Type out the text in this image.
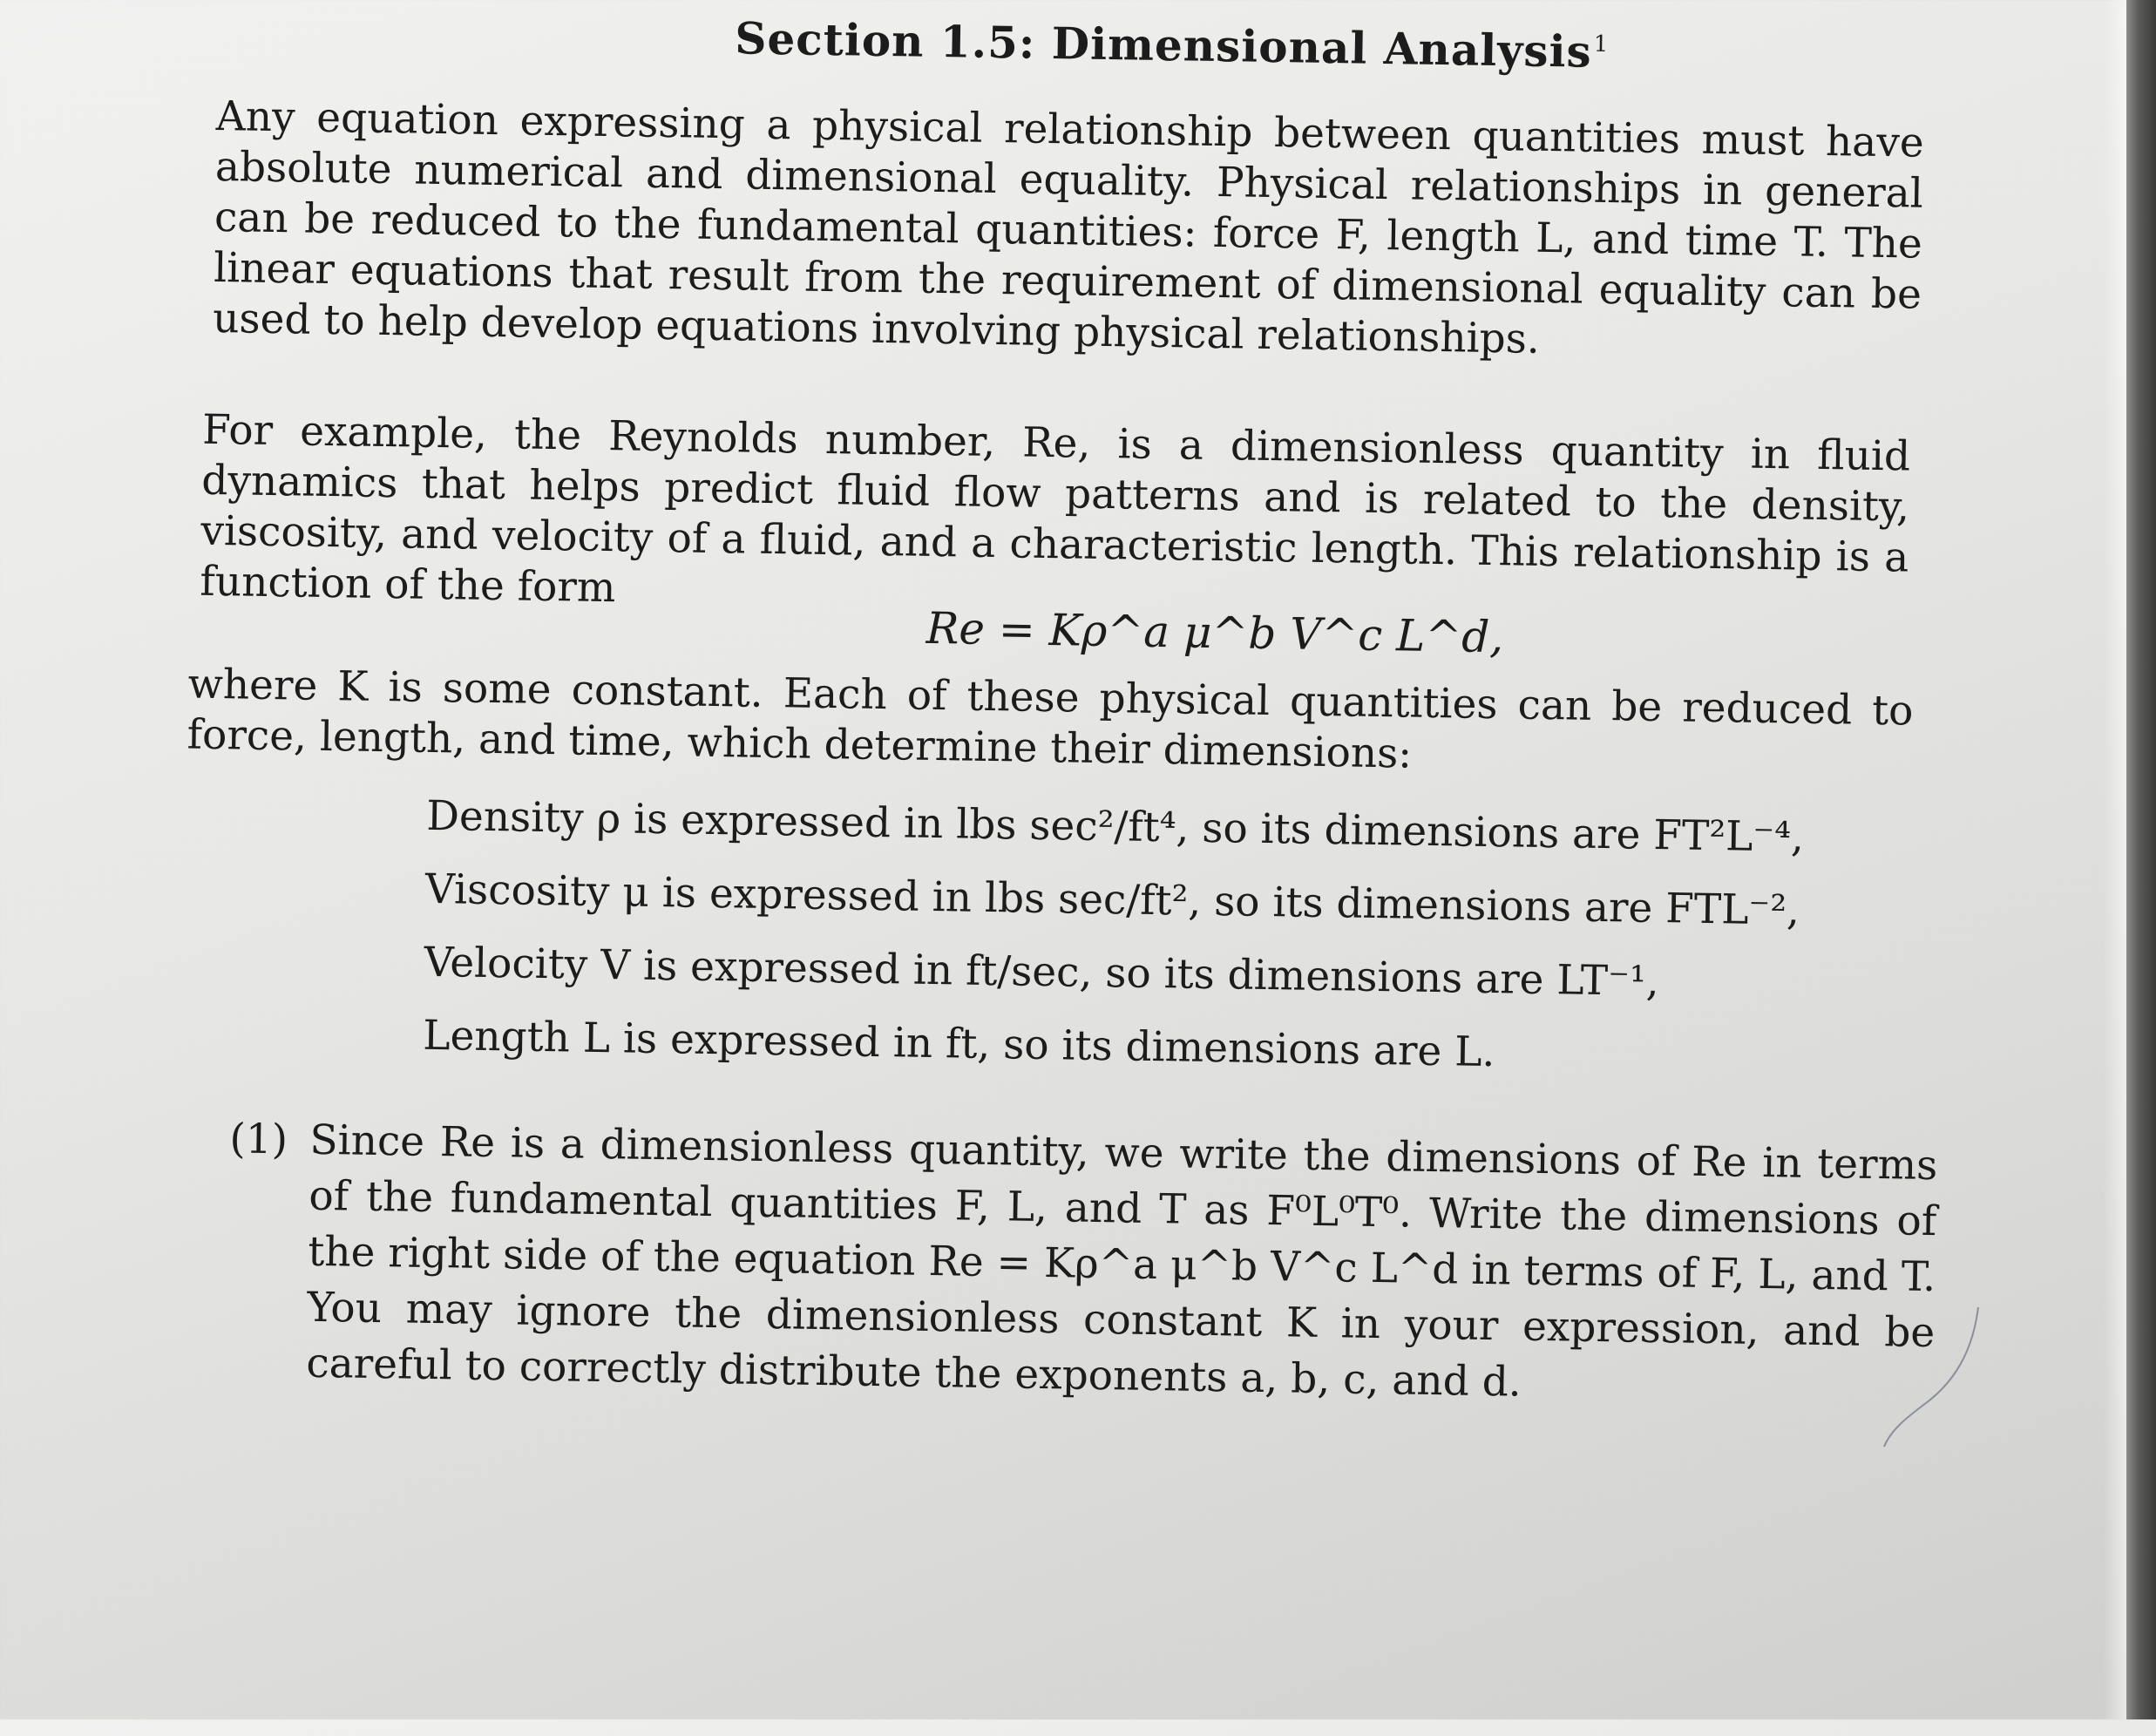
Section 1.5: Dimensional Analysis$^1$
Any equation expressing a physical relationship between quantities must have absolute numerical and dimensional equality. Physical relationships in general can be reduced to the fundamental quantities: force F, length L, and time T. The linear equations that result from the requirement of dimensional equality can be used to help develop equations involving physical relationships.
For example, the Reynolds number, Re, is a dimensionless quantity in fluid dynamics that helps predict fluid flow patterns and is related to the density, viscosity, and velocity of a fluid, and a characteristic length. This relationship is a function of the form
Re = Kρ^a μ^b V^c L^d,
where K is some constant. Each of these physical quantities can be reduced to force, length, and time, which determine their dimensions:
Density ρ is expressed in lbs sec²/ft⁴, so its dimensions are FT²L⁻⁴,
Viscosity μ is expressed in lbs sec/ft², so its dimensions are FTL⁻²,
Velocity V is expressed in ft/sec, so its dimensions are LT⁻¹,
Length L is expressed in ft, so its dimensions are L.
(1) Since Re is a dimensionless quantity, we write the dimensions of Re in terms of the fundamental quantities F, L, and T as F⁰L⁰T⁰. Write the dimensions of the right side of the equation Re = Kρ^a μ^b V^c L^d in terms of F, L, and T. You may ignore the dimensionless constant K in your expression, and be careful to correctly distribute the exponents a, b, c, and d.
